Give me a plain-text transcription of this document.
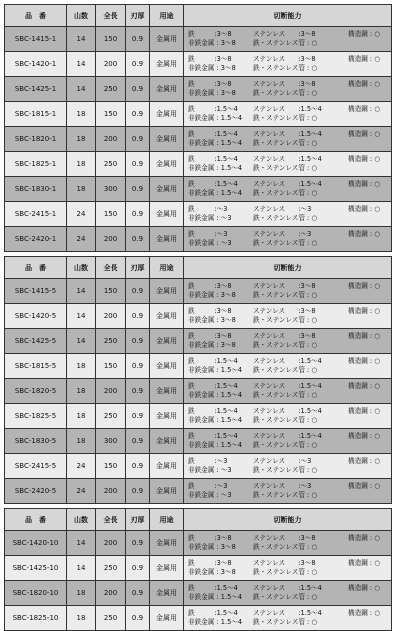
品　番	山数	全長	刃厚	用途	切断能力
SBC-1415-1	14	150	0.9	金属用
鉄　　　:3～8	ステンレス　　:3～8	構造鋼 : ○
非鉄金属 : 3～8	鉄・ステンレス管 : ○
SBC-1420-1	14	200	0.9	金属用
鉄　　　:3～8	ステンレス　　:3～8	構造鋼 : ○
非鉄金属 : 3～8	鉄・ステンレス管 : ○
SBC-1425-1	14	250	0.9	金属用
鉄　　　:3～8	ステンレス　　:3～8	構造鋼 : ○
非鉄金属 : 3～8	鉄・ステンレス管 : ○
SBC-1815-1	18	150	0.9	金属用
鉄　　　:1.5～4	ステンレス　　:1.5～4	構造鋼 : ○
非鉄金属 : 1.5～4	鉄・ステンレス管 : ○
SBC-1820-1	18	200	0.9	金属用
鉄　　　:1.5～4	ステンレス　　:1.5～4	構造鋼 : ○
非鉄金属 : 1.5～4	鉄・ステンレス管 : ○
SBC-1825-1	18	250	0.9	金属用
鉄　　　:1.5～4	ステンレス　　:1.5～4	構造鋼 : ○
非鉄金属 : 1.5～4	鉄・ステンレス管 : ○
SBC-1830-1	18	300	0.9	金属用
鉄　　　:1.5～4	ステンレス　　:1.5～4	構造鋼 : ○
非鉄金属 : 1.5～4	鉄・ステンレス管 : ○
SBC-2415-1	24	150	0.9	金属用
鉄　　　:～3	ステンレス　　:～3	構造鋼 : ○
非鉄金属 : ～3	鉄・ステンレス管 : ○
SBC-2420-1	24	200	0.9	金属用
鉄　　　:～3	ステンレス　　:～3	構造鋼 : ○
非鉄金属 : ～3	鉄・ステンレス管 : ○
品　番	山数	全長	刃厚	用途	切断能力
SBC-1415-5	14	150	0.9	金属用
鉄　　　:3～8	ステンレス　　:3～8	構造鋼 : ○
非鉄金属 : 3～8	鉄・ステンレス管 : ○
SBC-1420-5	14	200	0.9	金属用
鉄　　　:3～8	ステンレス　　:3～8	構造鋼 : ○
非鉄金属 : 3～8	鉄・ステンレス管 : ○
SBC-1425-5	14	250	0.9	金属用
鉄　　　:3～8	ステンレス　　:3～8	構造鋼 : ○
非鉄金属 : 3～8	鉄・ステンレス管 : ○
SBC-1815-5	18	150	0.9	金属用
鉄　　　:1.5～4	ステンレス　　:1.5～4	構造鋼 : ○
非鉄金属 : 1.5～4	鉄・ステンレス管 : ○
SBC-1820-5	18	200	0.9	金属用
鉄　　　:1.5～4	ステンレス　　:1.5～4	構造鋼 : ○
非鉄金属 : 1.5～4	鉄・ステンレス管 : ○
SBC-1825-5	18	250	0.9	金属用
鉄　　　:1.5～4	ステンレス　　:1.5～4	構造鋼 : ○
非鉄金属 : 1.5～4	鉄・ステンレス管 : ○
SBC-1830-5	18	300	0.9	金属用
鉄　　　:1.5～4	ステンレス　　:1.5～4	構造鋼 : ○
非鉄金属 : 1.5～4	鉄・ステンレス管 : ○
SBC-2415-5	24	150	0.9	金属用
鉄　　　:～3	ステンレス　　:～3	構造鋼 : ○
非鉄金属 : ～3	鉄・ステンレス管 : ○
SBC-2420-5	24	200	0.9	金属用
鉄　　　:～3	ステンレス　　:～3	構造鋼 : ○
非鉄金属 : ～3	鉄・ステンレス管 : ○
品　番	山数	全長	刃厚	用途	切断能力
SBC-1420-10	14	200	0.9	金属用
鉄　　　:3～8	ステンレス　　:3～8	構造鋼 : ○
非鉄金属 : 3～8	鉄・ステンレス管 : ○
SBC-1425-10	14	250	0.9	金属用
鉄　　　:3～8	ステンレス　　:3～8	構造鋼 : ○
非鉄金属 : 3～8	鉄・ステンレス管 : ○
SBC-1820-10	18	200	0.9	金属用
鉄　　　:1.5～4	ステンレス　　:1.5～4	構造鋼 : ○
非鉄金属 : 1.5～4	鉄・ステンレス管 : ○
SBC-1825-10	18	250	0.9	金属用
鉄　　　:1.5～4	ステンレス　　:1.5～4	構造鋼 : ○
非鉄金属 : 1.5～4	鉄・ステンレス管 : ○
